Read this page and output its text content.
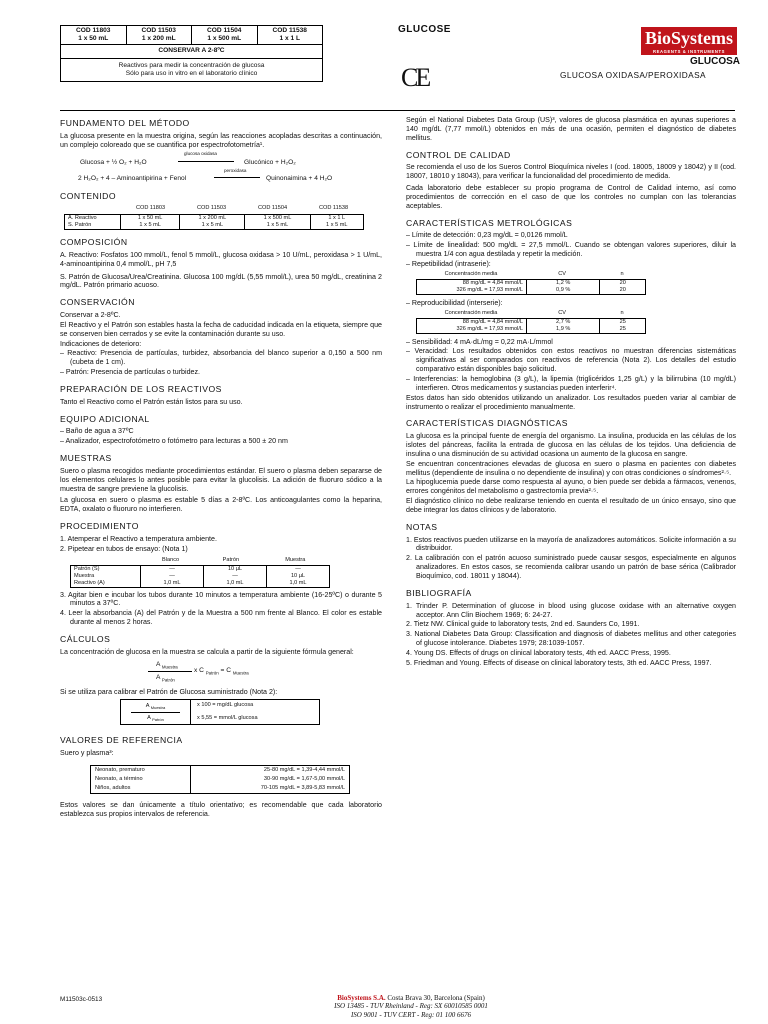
COD 11803
1 x 50 mL
COD 11503
1 x 200 mL
COD 11504
1 x 500 mL
COD 11538
1 x 1 L
CONSERVAR A 2-8ºC
Reactivos para medir la concentración de glucosa
Sólo para uso in vitro en el laboratorio clínico
GLUCOSE	BioSystems
REAGENTS & INSTRUMENTS
CE
GLUCOSA
GLUCOSA OXIDASA/PEROXIDASA
FUNDAMENTO DEL MÉTODO

La glucosa presente en la muestra origina, según las reacciones acopladas descritas a continuación, un complejo coloreado que se cuantifica por espectrofotometría¹.

Glucosa + ½ O₂ + H₂O
glucosa oxidasa
Glucónico + H₂O₂
peroxidasa
2 H₂O₂ + 4 – Aminoantipirina + Fenol	Quinonaimina + 4 H₂O
CONTENIDO
	COD 11803	COD 11503	COD 11504	COD 11538
A. Reactivo	1 x 50 mL	1 x 200 mL	1 x 500 mL	1 x 1 L
S. Patrón	1 x 5 mL	1 x 5 mL	1 x 5 mL	1 x 5 mL
COMPOSICIÓN

A. Reactivo: Fosfatos 100 mmol/L, fenol 5 mmol/L, glucosa oxidasa > 10 U/mL, peroxidasa > 1 U/mL, 4-aminoantipirina 0,4 mmol/L, pH 7,5

S. Patrón de Glucosa/Urea/Creatinina. Glucosa 100 mg/dL (5,55 mmol/L), urea 50 mg/dL, creatinina 2 mg/dL. Patrón primario acuoso.

CONSERVACIÓN

Conservar a 2-8ºC.

El Reactivo y el Patrón son estables hasta la fecha de caducidad indicada en la etiqueta, siempre que se conserven bien cerrados y se evite la contaminación durante su uso.

Indicaciones de deterioro:

– Reactivo: Presencia de partículas, turbidez, absorbancia del blanco superior a 0,150 a 500 nm (cubeta de 1 cm).

– Patrón: Presencia de partículas o turbidez.

PREPARACIÓN DE LOS REACTIVOS

Tanto el Reactivo como el Patrón están listos para su uso.

EQUIPO ADICIONAL

– Baño de agua a 37ºC

– Analizador, espectrofotómetro o fotómetro para lecturas a 500 ± 20 nm

MUESTRAS

Suero o plasma recogidos mediante procedimientos estándar. El suero o plasma deben separarse de los elementos celulares lo antes posible para evitar la glucolisis. La adición de fluoruro sódico a la muestra de sangre previene la glucolisis.

La glucosa en suero o plasma es estable 5 días a 2-8ºC. Los anticoagulantes como la heparina, EDTA, oxalato o fluoruro no interfieren.

PROCEDIMIENTO

1. Atemperar el Reactivo a temperatura ambiente.

2. Pipetear en tubos de ensayo: (Nota 1)

	Blanco	Patrón	Muestra
Patrón (S)	—	10 µL	—
Muestra	—	—	10 µL
Reactivo (A)	1,0 mL	1,0 mL	1,0 mL

3. Agitar bien e incubar los tubos durante 10 minutos a temperatura ambiente (16-25ºC) o durante 5 minutos a 37ºC.

4. Leer la absorbancia (A) del Patrón y de la Muestra a 500 nm frente al Blanco. El color es estable durante al menos 2 horas.

CÁLCULOS

La concentración de glucosa en la muestra se calcula a partir de la siguiente fórmula general:

A $_{Muestra}$
A $_{Patrón}$
x C $_{Patrón}$ = C $_{Muestra}$

Si se utiliza para calibrar el Patrón de Glucosa suministrado (Nota 2):

A $_{Muestra}$
A $_{Patrón}$

x 100 = mg/dL glucosa
x 5,55 = mmol/L glucosa
VALORES DE REFERENCIA

Suero y plasma³:

Neonato, prematuro	25-80 mg/dL = 1,39-4,44 mmol/L
Neonato, a término	30-90 mg/dL = 1,67-5,00 mmol/L
Niños, adultos	70-105 mg/dL = 3,89-5,83 mmol/L

Estos valores se dan únicamente a título orientativo; es recomendable que cada laboratorio establezca sus propios intervalos de referencia.

Según el National Diabetes Data Group (US)³, valores de glucosa plasmática en ayunas superiores a 140 mg/dL (7,77 mmol/L) obtenidos en más de una ocasión, permiten el diagnóstico de diabetes mellitus.

CONTROL DE CALIDAD

Se recomienda el uso de los Sueros Control Bioquímica niveles I (cod. 18005, 18009 y 18042) y II (cod. 18007, 18010 y 18043), para verificar la funcionalidad del procedimiento de medida.

Cada laboratorio debe establecer su propio programa de Control de Calidad interno, así como procedimientos de corrección en el caso de que los controles no cumplan con las tolerancias aceptables.

CARACTERÍSTICAS METROLÓGICAS

– Límite de detección: 0,23 mg/dL = 0,0126 mmol/L

– Límite de linealidad: 500 mg/dL = 27,5 mmol/L. Cuando se obtengan valores superiores, diluir la muestra 1/4 con agua destilada y repetir la medición.

– Repetibilidad (intraserie):

Concentración media	CV	n
88 mg/dL = 4,84 mmol/L	1,2 %	20
326 mg/dL = 17,93 mmol/L	0,9 %	20

– Reproducibilidad (interserie):

Concentración media	CV	n
88 mg/dL = 4,84 mmol/L	2,7 %	25
326 mg/dL = 17,93 mmol/L	1,9 %	25

– Sensibilidad: 4 mA·dL/mg = 0,22 mA·L/mmol

– Veracidad: Los resultados obtenidos con estos reactivos no muestran diferencias sistemáticas significativas al ser comparados con reactivos de referencia (Nota 2). Los detalles del estudio comparativo están disponibles bajo solicitud.

– Interferencias: la hemoglobina (3 g/L), la lipemia (triglicéridos 1,25 g/L) y la bilirrubina (10 mg/dL) interfieren. Otros medicamentos y sustancias pueden interferir⁴.

Estos datos han sido obtenidos utilizando un analizador. Los resultados pueden variar al cambiar de instrumento o realizar el procedimiento manualmente.

CARACTERÍSTICAS DIAGNÓSTICAS

La glucosa es la principal fuente de energía del organismo. La insulina, producida en las células de los islotes del páncreas, facilita la entrada de glucosa en las células de los tejidos. Una deficiencia de insulina o una disminución de su actividad ocasiona un aumento de la glucosa en sangre.

Se encuentran concentraciones elevadas de glucosa en suero o plasma en pacientes con diabetes mellitus (dependiente de insulina o no dependiente de insulina) y con otras condiciones o síndromes²·⁵.

La hipoglucemia puede darse como respuesta al ayuno, o bien puede ser debida a fármacos, venenos, errores congénitos del metabolismo o gastrectomía previa²·⁵.

El diagnóstico clínico no debe realizarse teniendo en cuenta el resultado de un único ensayo, sino que debe integrar los datos clínicos y de laboratorio.

NOTAS

1. Estos reactivos pueden utilizarse en la mayoría de analizadores automáticos. Solicite información a su distribuidor.

2. La calibración con el patrón acuoso suministrado puede causar sesgos, especialmente en algunos analizadores. En estos casos, se recomienda calibrar usando un patrón de base sérica (Calibrador Bioquímico, cod. 18011 y 18044).

BIBLIOGRAFÍA

1. Trinder P. Determination of glucose in blood using glucose oxidase with an alternative oxygen acceptor. Ann Clin Biochem 1969; 6: 24-27.

2. Tietz NW. Clinical guide to laboratory tests, 2nd ed. Saunders Co, 1991.

3. National Diabetes Data Group: Classification and diagnosis of diabetes mellitus and other categories of glucose intolerance. Diabetes 1979; 28:1039-1057.

4. Young DS. Effects of drugs on clinical laboratory tests, 4th ed. AACC Press, 1995.

5. Friedman and Young. Effects of disease on clinical laboratory tests, 3th ed. AACC Press, 1997.

M11503c-0513	BioSystems S.A. Costa Brava 30, Barcelona (Spain)
ISO 13485 - TUV Rheinland - Reg: SX 60010585 0001
ISO 9001 - TUV CERT - Reg: 01 100 6676
